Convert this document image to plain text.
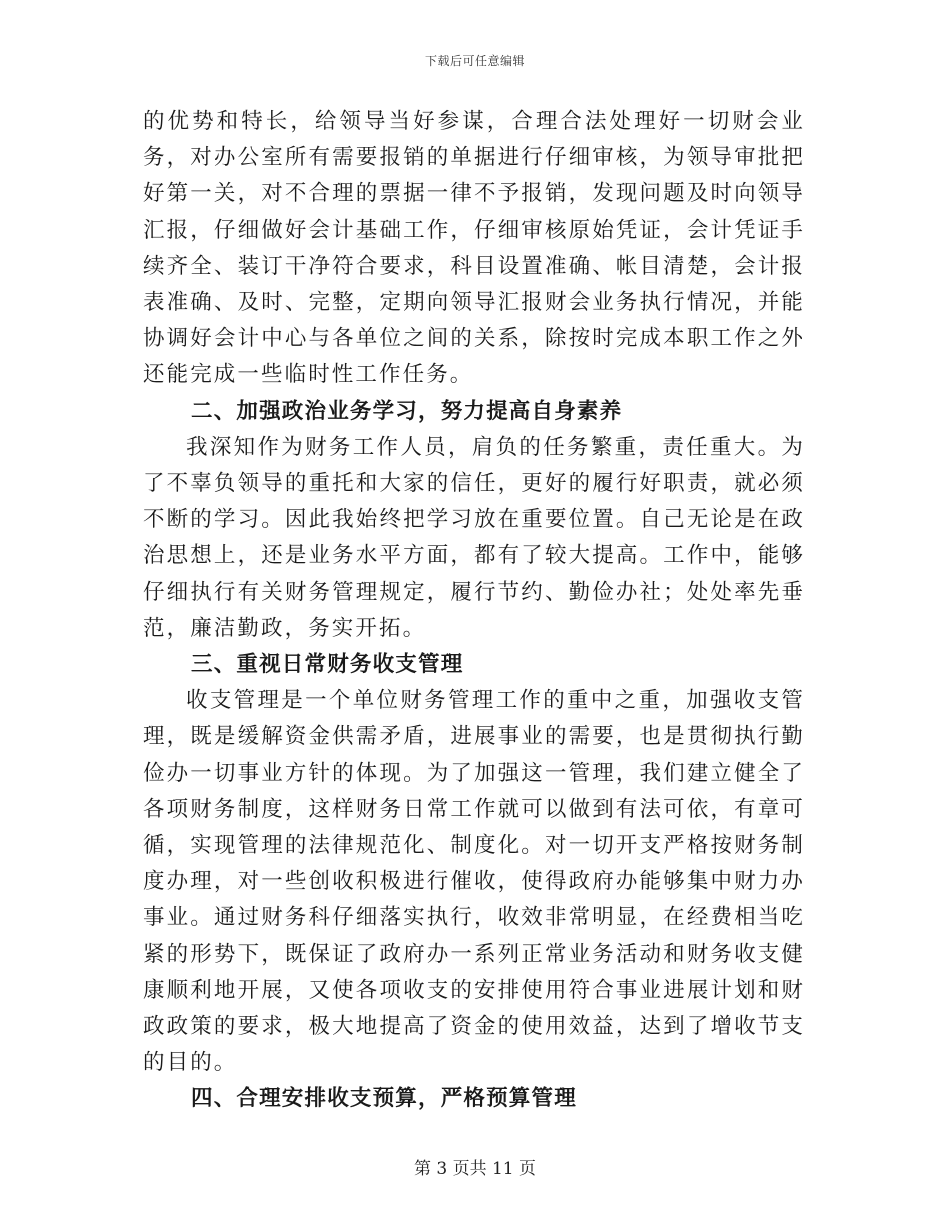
下载后可任意编辑

的优势和特长，给领导当好参谋，合理合法处理好一切财会业务，对办公室所有需要报销的单据进行仔细审核，为领导审批把好第一关，对不合理的票据一律不予报销，发现问题及时向领导汇报，仔细做好会计基础工作，仔细审核原始凭证，会计凭证手续齐全、装订干净符合要求，科目设置准确、帐目清楚，会计报表准确、及时、完整，定期向领导汇报财会业务执行情况，并能协调好会计中心与各单位之间的关系，除按时完成本职工作之外还能完成一些临时性工作任务。

二、加强政治业务学习，努力提高自身素养

我深知作为财务工作人员，肩负的任务繁重，责任重大。为了不辜负领导的重托和大家的信任，更好的履行好职责，就必须不断的学习。因此我始终把学习放在重要位置。自己无论是在政治思想上，还是业务水平方面，都有了较大提高。工作中，能够仔细执行有关财务管理规定，履行节约、勤俭办社；处处率先垂范，廉洁勤政，务实开拓。

三、重视日常财务收支管理

收支管理是一个单位财务管理工作的重中之重，加强收支管理，既是缓解资金供需矛盾，进展事业的需要，也是贯彻执行勤俭办一切事业方针的体现。为了加强这一管理，我们建立健全了各项财务制度，这样财务日常工作就可以做到有法可依，有章可循，实现管理的法律规范化、制度化。对一切开支严格按财务制度办理，对一些创收积极进行催收，使得政府办能够集中财力办事业。通过财务科仔细落实执行，收效非常明显，在经费相当吃紧的形势下，既保证了政府办一系列正常业务活动和财务收支健康顺利地开展，又使各项收支的安排使用符合事业进展计划和财政政策的要求，极大地提高了资金的使用效益，达到了增收节支的目的。

四、合理安排收支预算，严格预算管理

第 3 页共 11 页
